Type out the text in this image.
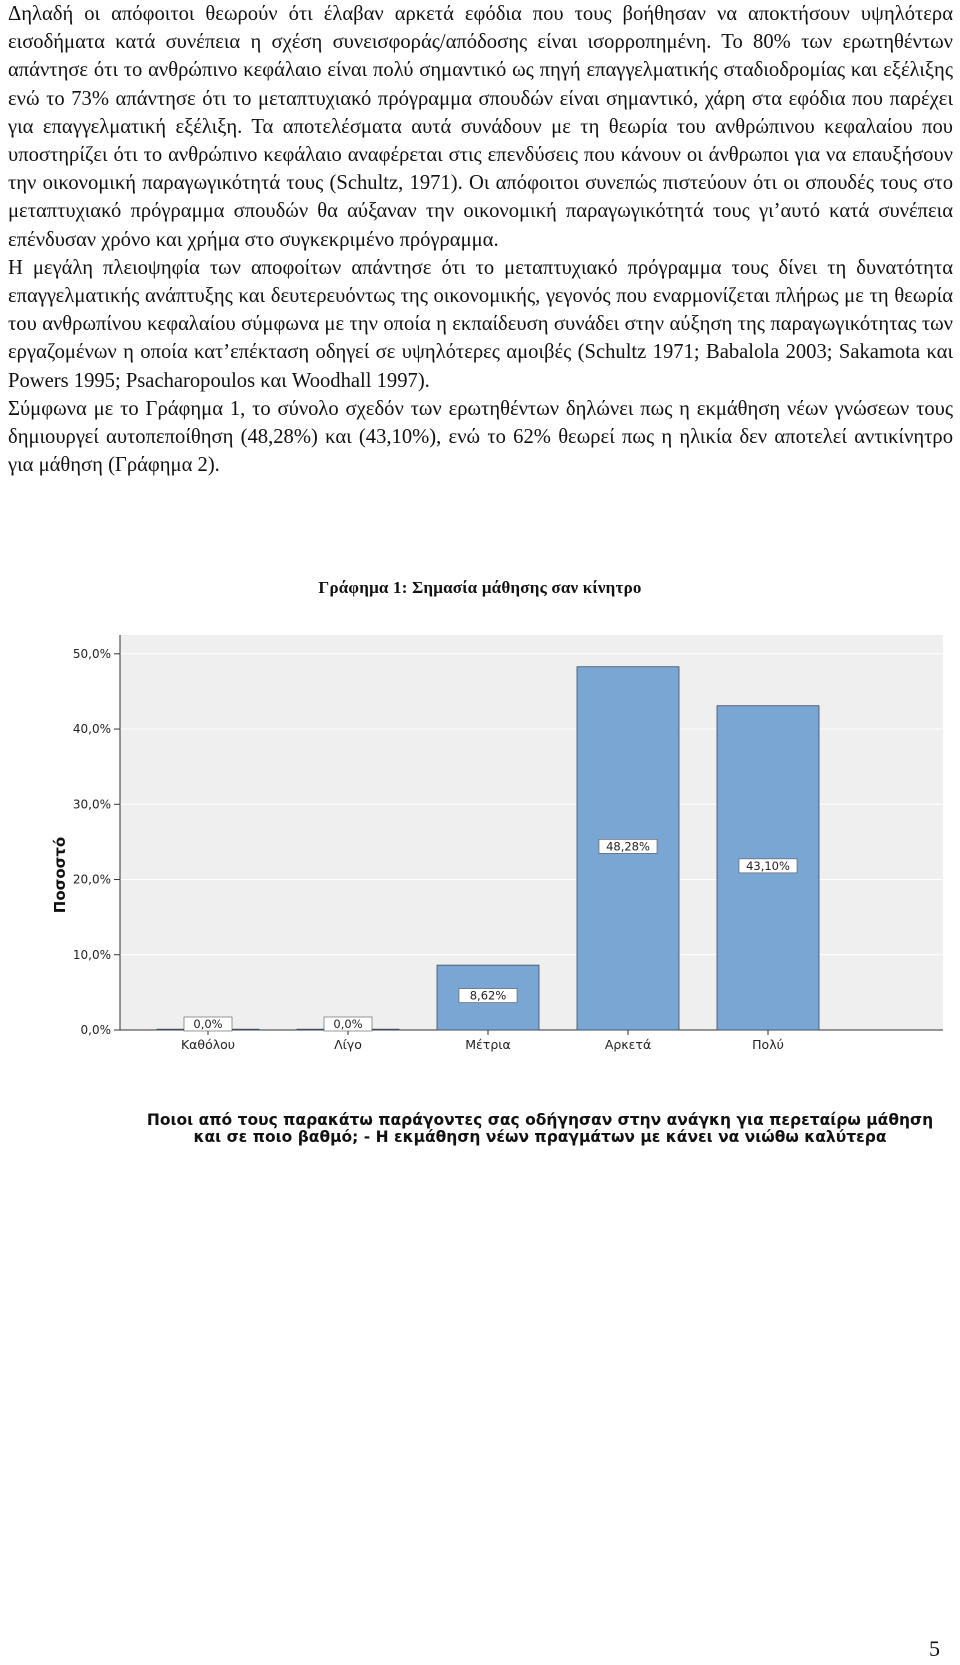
Δηλαδή οι απόφοιτοι θεωρούν ότι έλαβαν αρκετά εφόδια που τους βοήθησαν να αποκτήσουν υψηλότερα εισοδήματα κατά συνέπεια η σχέση συνεισφοράς/απόδοσης είναι ισορροπημένη. Το 80% των ερωτηθέντων απάντησε ότι το ανθρώπινο κεφάλαιο είναι πολύ σημαντικό ως πηγή επαγγελματικής σταδιοδρομίας και εξέλιξης ενώ το 73% απάντησε ότι το μεταπτυχιακό πρόγραμμα σπουδών είναι σημαντικό, χάρη στα εφόδια που παρέχει για επαγγελματική εξέλιξη. Τα αποτελέσματα αυτά συνάδουν με τη θεωρία του ανθρώπινου κεφαλαίου που υποστηρίζει ότι το ανθρώπινο κεφάλαιο αναφέρεται στις επενδύσεις που κάνουν οι άνθρωποι για να επαυξήσουν την οικονομική παραγωγικότητά τους (Schultz, 1971). Οι απόφοιτοι συνεπώς πιστεύουν ότι οι σπουδές τους στο μεταπτυχιακό πρόγραμμα σπουδών θα αύξαναν την οικονομική παραγωγικότητά τους γι’αυτό κατά συνέπεια επένδυσαν χρόνο και χρήμα στο συγκεκριμένο πρόγραμμα.

Η μεγάλη πλειοψηφία των αποφοίτων απάντησε ότι το μεταπτυχιακό πρόγραμμα τους δίνει τη δυνατότητα επαγγελματικής ανάπτυξης και δευτερευόντως της οικονομικής, γεγονός που εναρμονίζεται πλήρως με τη θεωρία του ανθρωπίνου κεφαλαίου σύμφωνα με την οποία η εκπαίδευση συνάδει στην αύξηση της παραγωγικότητας των εργαζομένων η οποία κατ’επέκταση οδηγεί σε υψηλότερες αμοιβές (Schultz 1971; Babalola 2003; Sakamota και Powers 1995; Psacharopoulos και Woodhall 1997).

Σύμφωνα με το Γράφημα 1, το σύνολο σχεδόν των ερωτηθέντων δηλώνει πως η εκμάθηση νέων γνώσεων τους δημιουργεί αυτοπεποίθηση (48,28%) και (43,10%), ενώ το 62% θεωρεί πως η ηλικία δεν αποτελεί αντικίνητρο για μάθηση (Γράφημα 2).

Γράφημα 1: Σημασία μάθησης σαν κίνητρο
Ποσοστό
0,0%
10,0%
20,0%
30,0%
40,0%
50,0%
Καθόλου
0,0%
Λίγο
0,0%
Μέτρια
8,62%
Αρκετά
48,28%
Πολύ
43,10%
Ποιοι από τους παρακάτω παράγοντες σας οδήγησαν στην ανάγκη για περεταίρω μάθηση και σε ποιο βαθμό; - Η εκμάθηση νέων πραγμάτων με κάνει να νιώθω καλύτερα
5
